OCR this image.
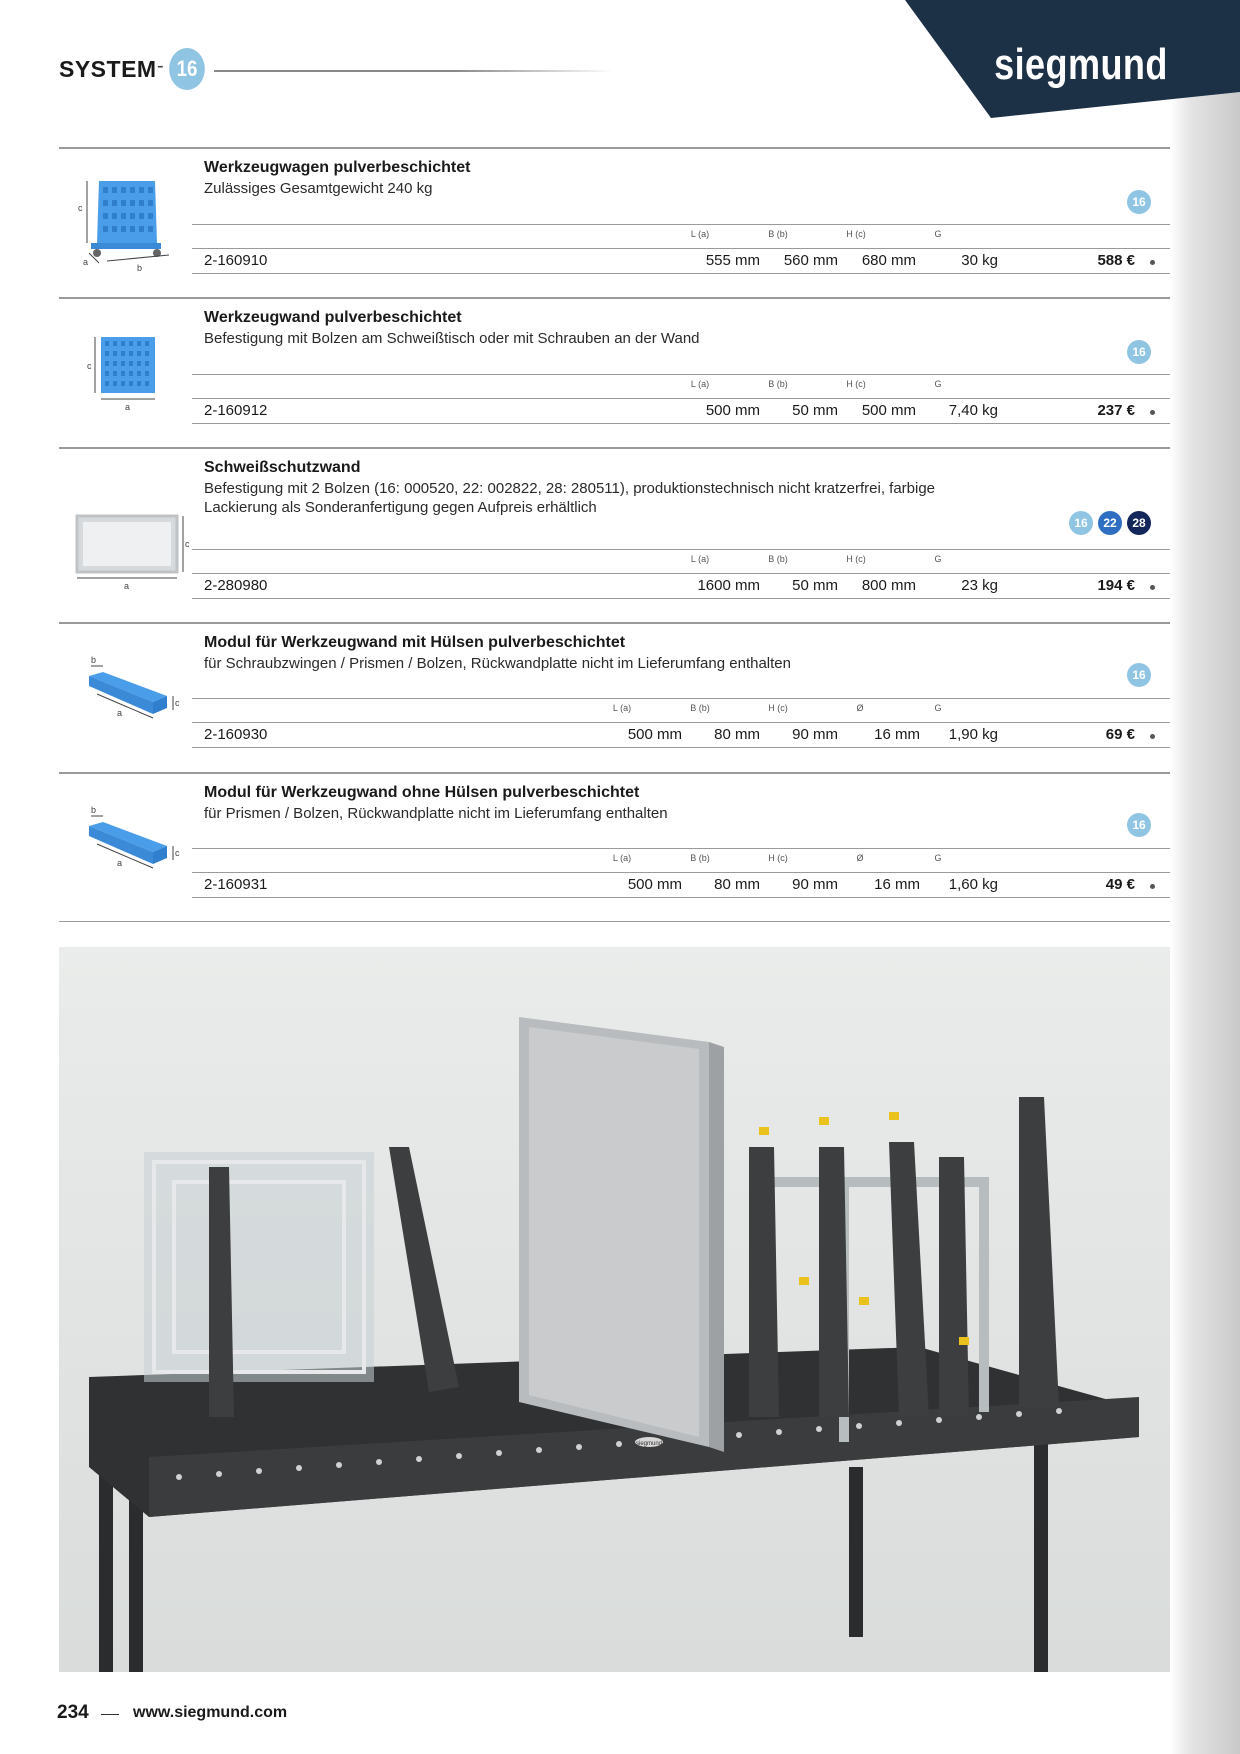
siegmund
SYSTEM - 16
c
a
b
Werkzeugwagen pulverbeschichtet
Zulässiges Gesamtgewicht 240 kg
16
L (a)	B (b)	H (c)	G
2-160910	555 mm	560 mm	680 mm	30 kg	588 €
c
a
Werkzeugwand pulverbeschichtet
Befestigung mit Bolzen am Schweißtisch oder mit Schrauben an der Wand
16
L (a)	B (b)	H (c)	G
2-160912	500 mm	50 mm	500 mm	7,40 kg	237 €
c
a
Schweißschutzwand
Befestigung mit 2 Bolzen (16: 000520, 22: 002822, 28: 280511), produktionstechnisch nicht kratzerfrei, farbige Lackierung als Sonderanfertigung gegen Aufpreis erhältlich
16	22	28
L (a)	B (b)	H (c)	G
2-280980	1600 mm	50 mm	800 mm	23 kg	194 €
b
a
c
Modul für Werkzeugwand mit Hülsen pulverbeschichtet
für Schraubzwingen / Prismen / Bolzen, Rückwandplatte nicht im Lieferumfang enthalten
16
L (a)	B (b)	H (c)	Ø	G
2-160930	500 mm	80 mm	90 mm	16 mm	1,90 kg	69 €
b
a
c
Modul für Werkzeugwand ohne Hülsen pulverbeschichtet
für Prismen / Bolzen, Rückwandplatte nicht im Lieferumfang enthalten
16
L (a)	B (b)	H (c)	Ø	G
2-160931	500 mm	80 mm	90 mm	16 mm	1,60 kg	49 €
siegmund
234	www.siegmund.com
